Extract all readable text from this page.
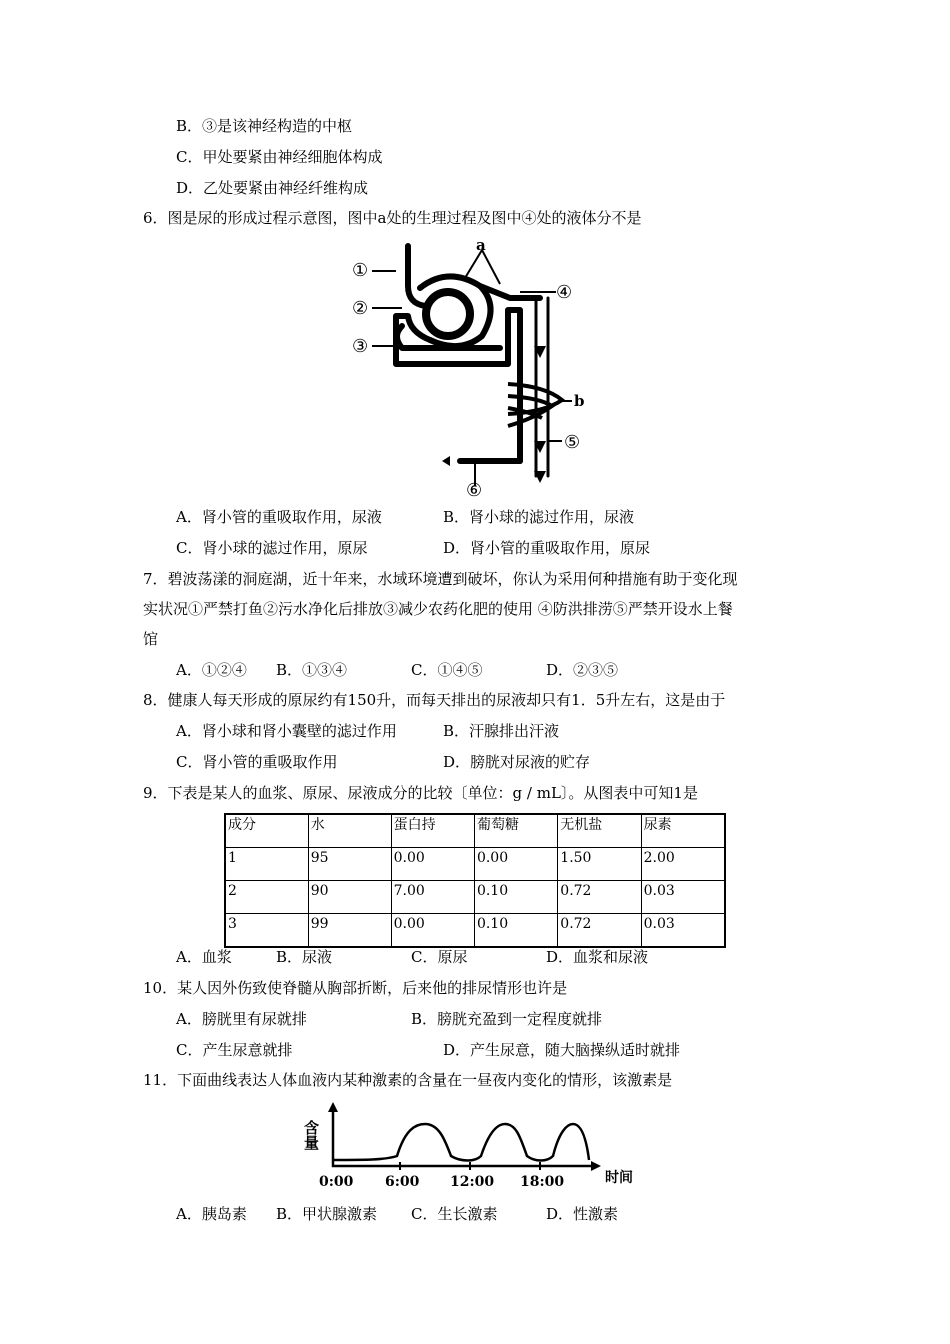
B．③是该神经构造的中枢
C．甲处要紧由神经细胞体构成
D．乙处要紧由神经纤维构成
6．图是尿的形成过程示意图，图中a处的生理过程及图中④处的液体分不是
①
②
③
④
⑤
⑥
a
b
A．肾小管的重吸取作用，尿液	B．肾小球的滤过作用，尿液
C．肾小球的滤过作用，原尿	D．肾小管的重吸取作用，原尿
7．碧波荡漾的洞庭湖，近十年来，水域环境遭到破坏，你认为采用何种措施有助于变化现
实状况①严禁打鱼②污水净化后排放③减少农药化肥的使用 ④防洪排涝⑤严禁开设水上餐
馆
A．①②④ B．①③④	C．①④⑤	D．②③⑤
8．健康人每天形成的原尿约有150升，而每天排出的尿液却只有1．5升左右，这是由于
A．肾小球和肾小囊壁的滤过作用	B．汗腺排出汗液
C．肾小管的重吸取作用	D．膀胱对尿液的贮存
9．下表是某人的血浆、原尿、尿液成分的比较〔单位：g / mL〕。从图表中可知1是
成分	水	蛋白持	葡萄糖	无机盐	尿素
1	95	0.00	0.00	1.50	2.00
2	90	7.00	0.10	0.72	0.03
3	99	0.00	0.10	0.72	0.03
A．血浆	B．尿液	C．原尿	D．血浆和尿液
10．某人因外伤致使脊髓从胸部折断，后来他的排尿情形也许是
A．膀胱里有尿就排	B．膀胱充盈到一定程度就排
C．产生尿意就排	D．产生尿意，随大脑操纵适时就排
11．下面曲线表达人体血液内某种激素的含量在一昼夜内变化的情形，该激素是
含量
时间
0:00 6:00 12:00 18:00
A．胰岛素 B．甲状腺激素 C．生长激素	D．性激素
